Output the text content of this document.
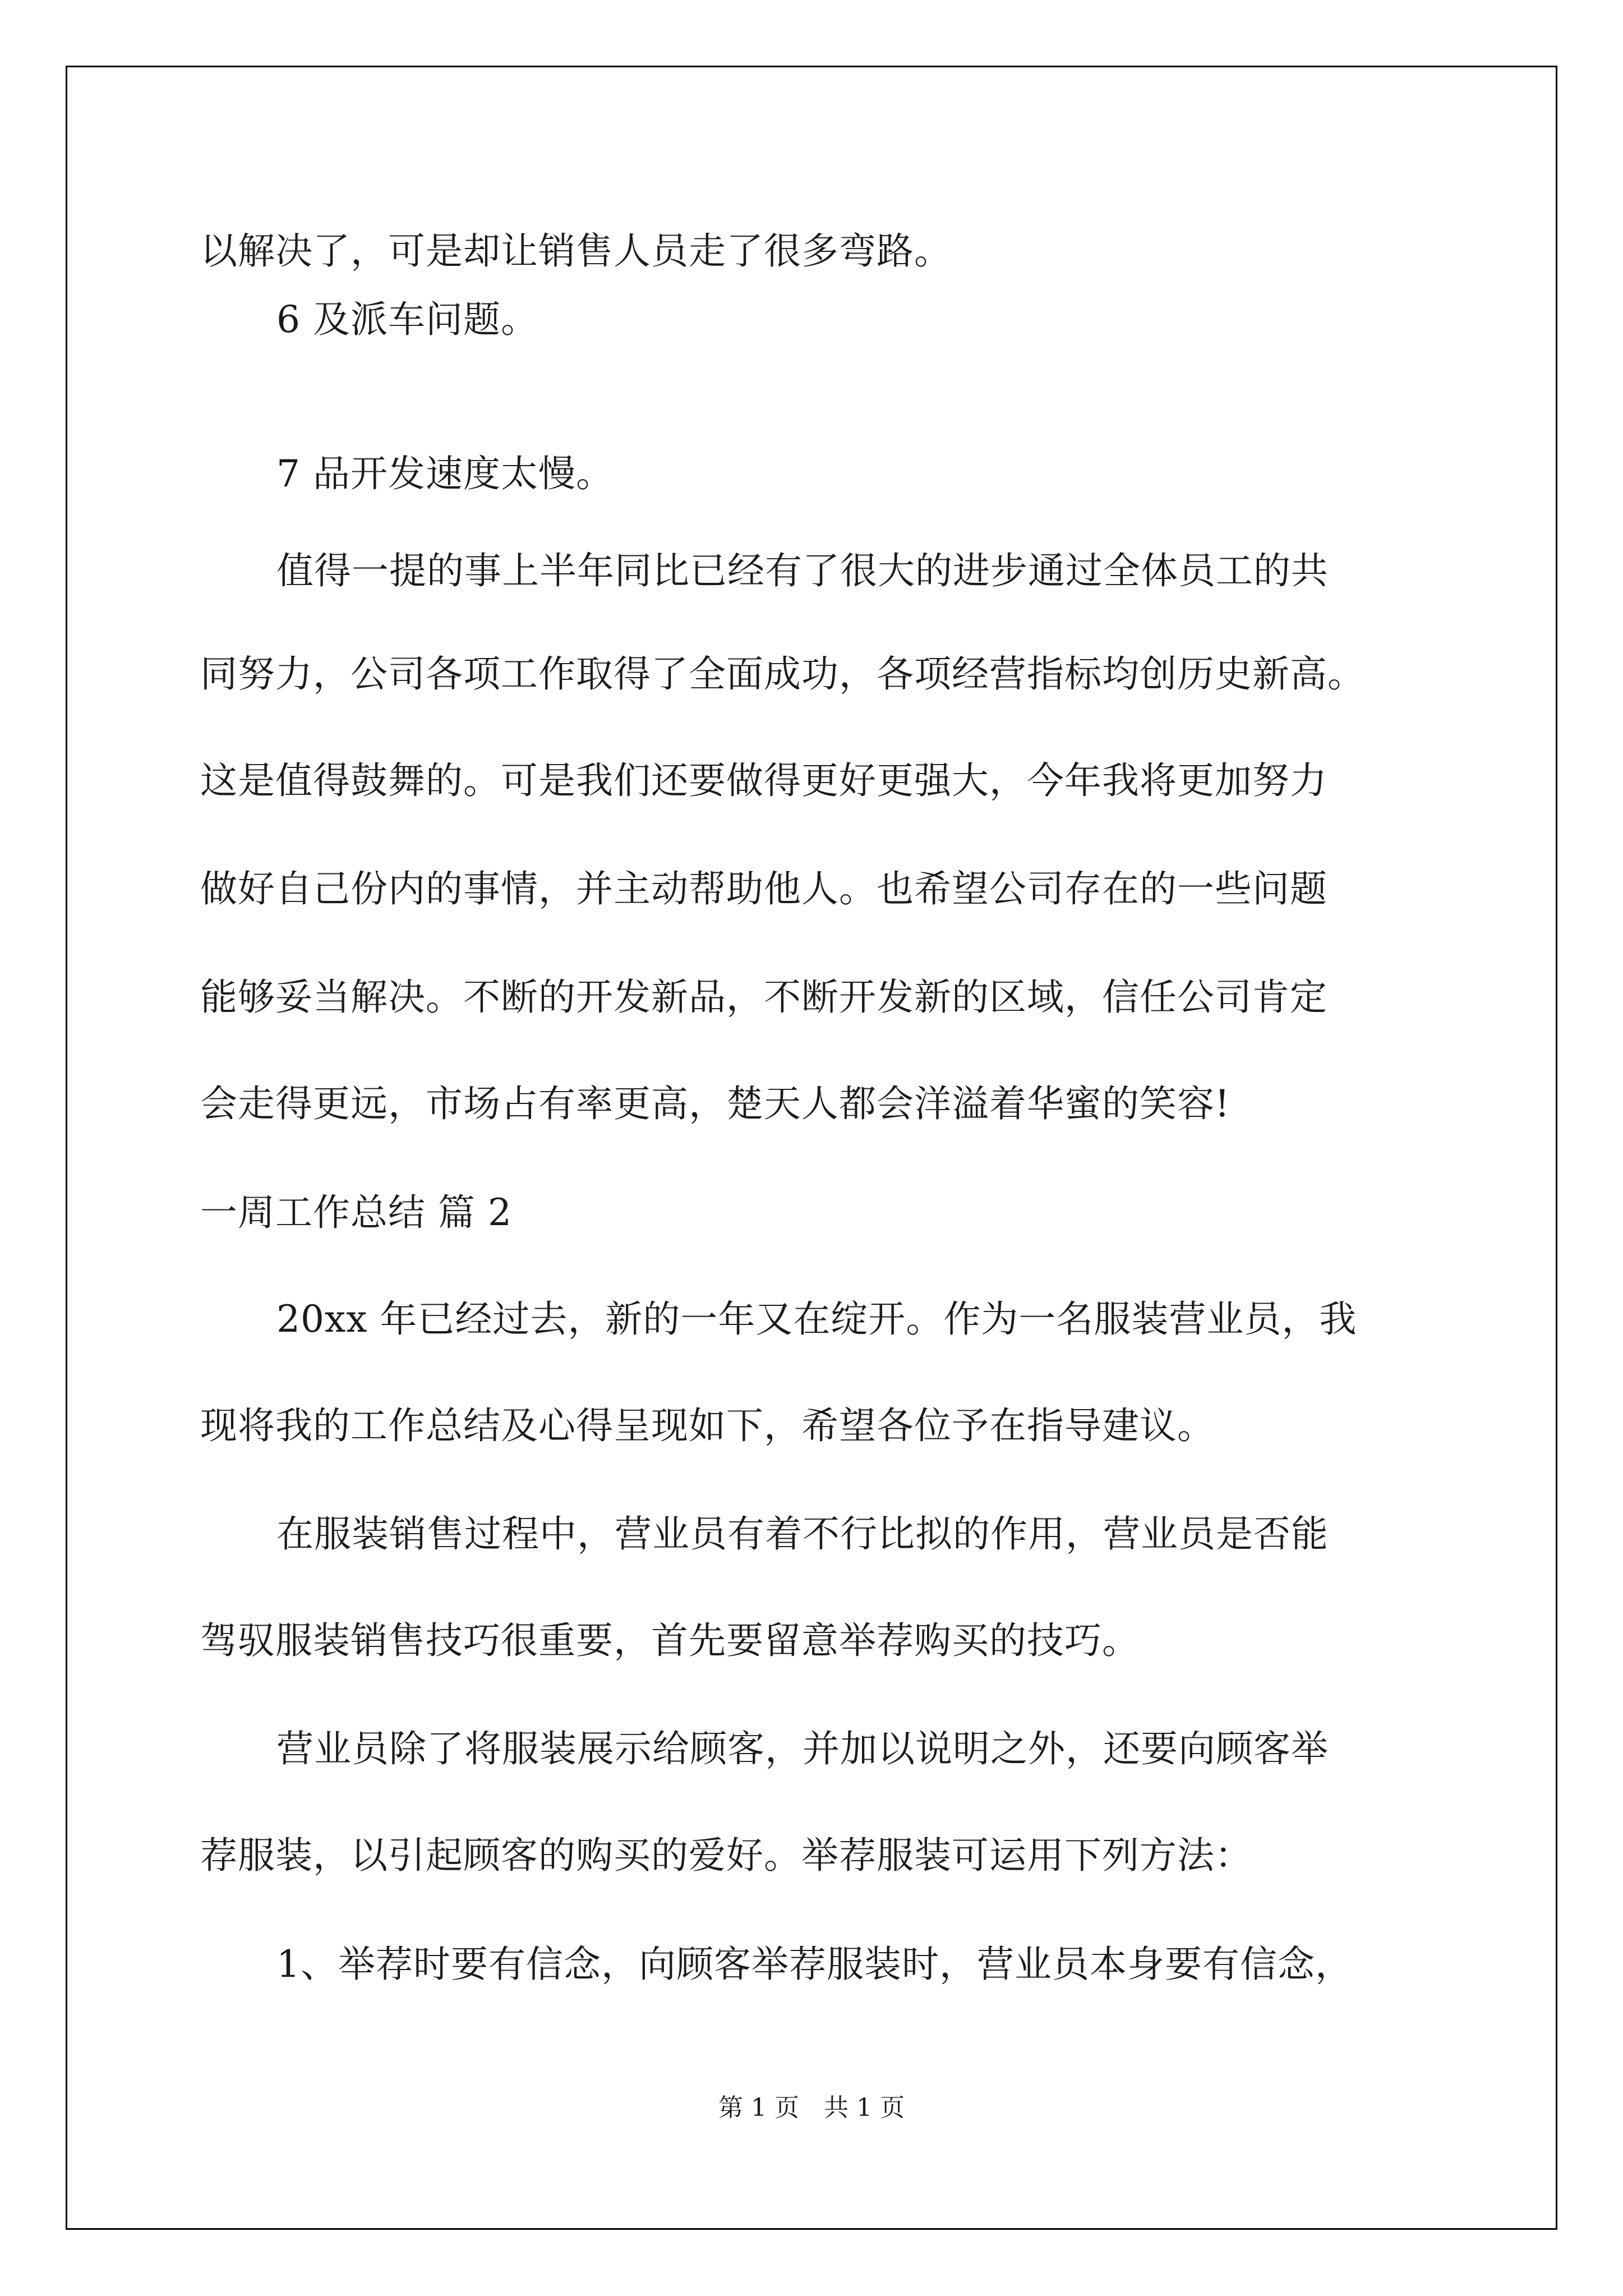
以解决了，可是却让销售人员走了很多弯路。
6 及派车问题。
7 品开发速度太慢。
值得一提的事上半年同比已经有了很大的进步通过全体员工的共
同努力，公司各项工作取得了全面成功，各项经营指标均创历史新高。
这是值得鼓舞的。可是我们还要做得更好更强大，今年我将更加努力
做好自己份内的事情，并主动帮助他人。也希望公司存在的一些问题
能够妥当解决。不断的开发新品，不断开发新的区域，信任公司肯定
会走得更远，市场占有率更高，楚天人都会洋溢着华蜜的笑容!
一周工作总结 篇 2
20xx 年已经过去，新的一年又在绽开。作为一名服装营业员，我
现将我的工作总结及心得呈现如下，希望各位予在指导建议。
在服装销售过程中，营业员有着不行比拟的作用，营业员是否能
驾驭服装销售技巧很重要，首先要留意举荐购买的技巧。
营业员除了将服装展示给顾客，并加以说明之外，还要向顾客举
荐服装，以引起顾客的购买的爱好。举荐服装可运用下列方法：
1、举荐时要有信念，向顾客举荐服装时，营业员本身要有信念，
第 1 页　共 1 页
